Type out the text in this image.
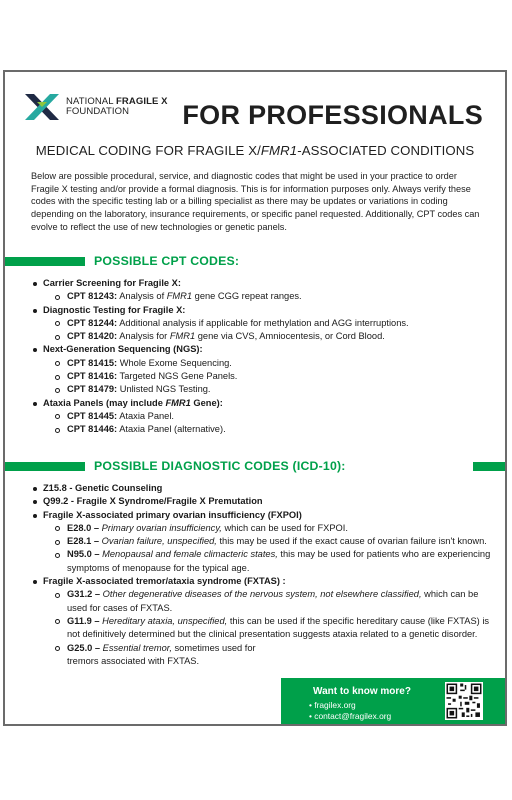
NATIONAL FRAGILE X
FOUNDATION	FOR PROFESSIONALS
MEDICAL CODING FOR FRAGILE X/FMR1-ASSOCIATED CONDITIONS
Below are possible procedural, service, and diagnostic codes that might be used in your practice to order Fragile X testing and/or provide a formal diagnosis. This is for information purposes only. Always verify these codes with the specific testing lab or a billing specialist as there may be updates or variations in coding depending on the laboratory, insurance requirements, or specific panel requested. Additionally, CPT codes can evolve to reflect the use of new technologies or genetic panels.
POSSIBLE CPT CODES:
Carrier Screening for Fragile X:
CPT 81243: Analysis of FMR1 gene CGG repeat ranges.
Diagnostic Testing for Fragile X:
CPT 81244: Additional analysis if applicable for methylation and AGG interruptions.
CPT 81420: Analysis for FMR1 gene via CVS, Amniocentesis, or Cord Blood.
Next-Generation Sequencing (NGS):
CPT 81415: Whole Exome Sequencing.
CPT 81416: Targeted NGS Gene Panels.
CPT 81479: Unlisted NGS Testing.
Ataxia Panels (may include FMR1 Gene):
CPT 81445: Ataxia Panel.
CPT 81446: Ataxia Panel (alternative).
POSSIBLE DIAGNOSTIC CODES (ICD-10):
Z15.8 - Genetic Counseling
Q99.2 - Fragile X Syndrome/Fragile X Premutation
Fragile X-associated primary ovarian insufficiency (FXPOI)
E28.0 – Primary ovarian insufficiency, which can be used for FXPOI.
E28.1 – Ovarian failure, unspecified, this may be used if the exact cause of ovarian failure isn't known.
N95.0 – Menopausal and female climacteric states, this may be used for patients who are experiencing symptoms of menopause for the typical age.
Fragile X-associated tremor/ataxia syndrome (FXTAS) :
G31.2 – Other degenerative diseases of the nervous system, not elsewhere classified, which can be used for cases of FXTAS.
G11.9 – Hereditary ataxia, unspecified, this can be used if the specific hereditary cause (like FXTAS) is not definitively determined but the clinical presentation suggests ataxia related to a genetic disorder.
G25.0 – Essential tremor, sometimes used for tremors associated with FXTAS.
Want to know more?
• fragilex.org
• contact@fragilex.org
